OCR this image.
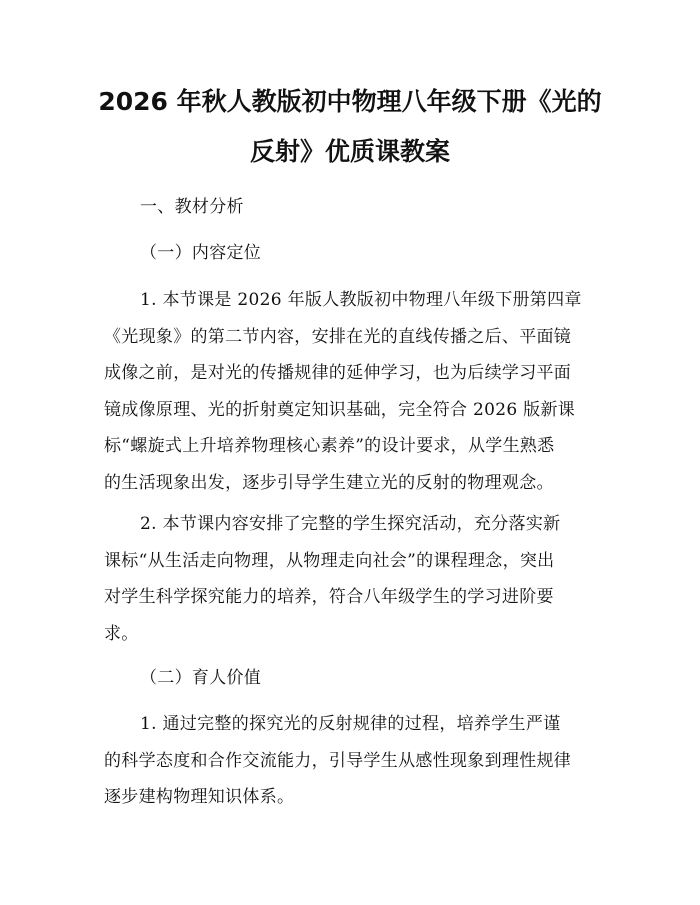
2026 年秋人教版初中物理八年级下册《光的
反射》优质课教案
一、教材分析
（一）内容定位
1. 本节课是 2026 年版人教版初中物理八年级下册第四章
《光现象》的第二节内容，安排在光的直线传播之后、平面镜
成像之前，是对光的传播规律的延伸学习，也为后续学习平面
镜成像原理、光的折射奠定知识基础，完全符合 2026 版新课
标“螺旋式上升培养物理核心素养”的设计要求，从学生熟悉
的生活现象出发，逐步引导学生建立光的反射的物理观念。
2. 本节课内容安排了完整的学生探究活动，充分落实新
课标“从生活走向物理，从物理走向社会”的课程理念，突出
对学生科学探究能力的培养，符合八年级学生的学习进阶要
求。
（二）育人价值
1. 通过完整的探究光的反射规律的过程，培养学生严谨
的科学态度和合作交流能力，引导学生从感性现象到理性规律
逐步建构物理知识体系。
